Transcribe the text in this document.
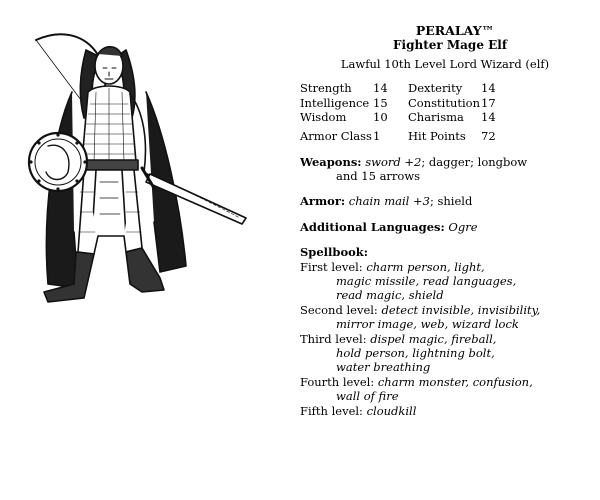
PERALAY™
Fighter Mage Elf
Lawful 10th Level Lord Wizard (elf)
Strength 14 Dexterity 14
Intelligence 15 Constitution 17
Wisdom 10 Charisma 14
Armor Class 1 Hit Points 72
Weapons: sword +2; dagger; longbow
and 15 arrows
Armor: chain mail +3; shield
Additional Languages: Ogre
Spellbook:
First level: charm person, light,
magic missile, read languages,
read magic, shield
Second level: detect invisible, invisibility,
mirror image, web, wizard lock
Third level: dispel magic, fireball,
hold person, lightning bolt,
water breathing
Fourth level: charm monster, confusion,
wall of fire
Fifth level: cloudkill
